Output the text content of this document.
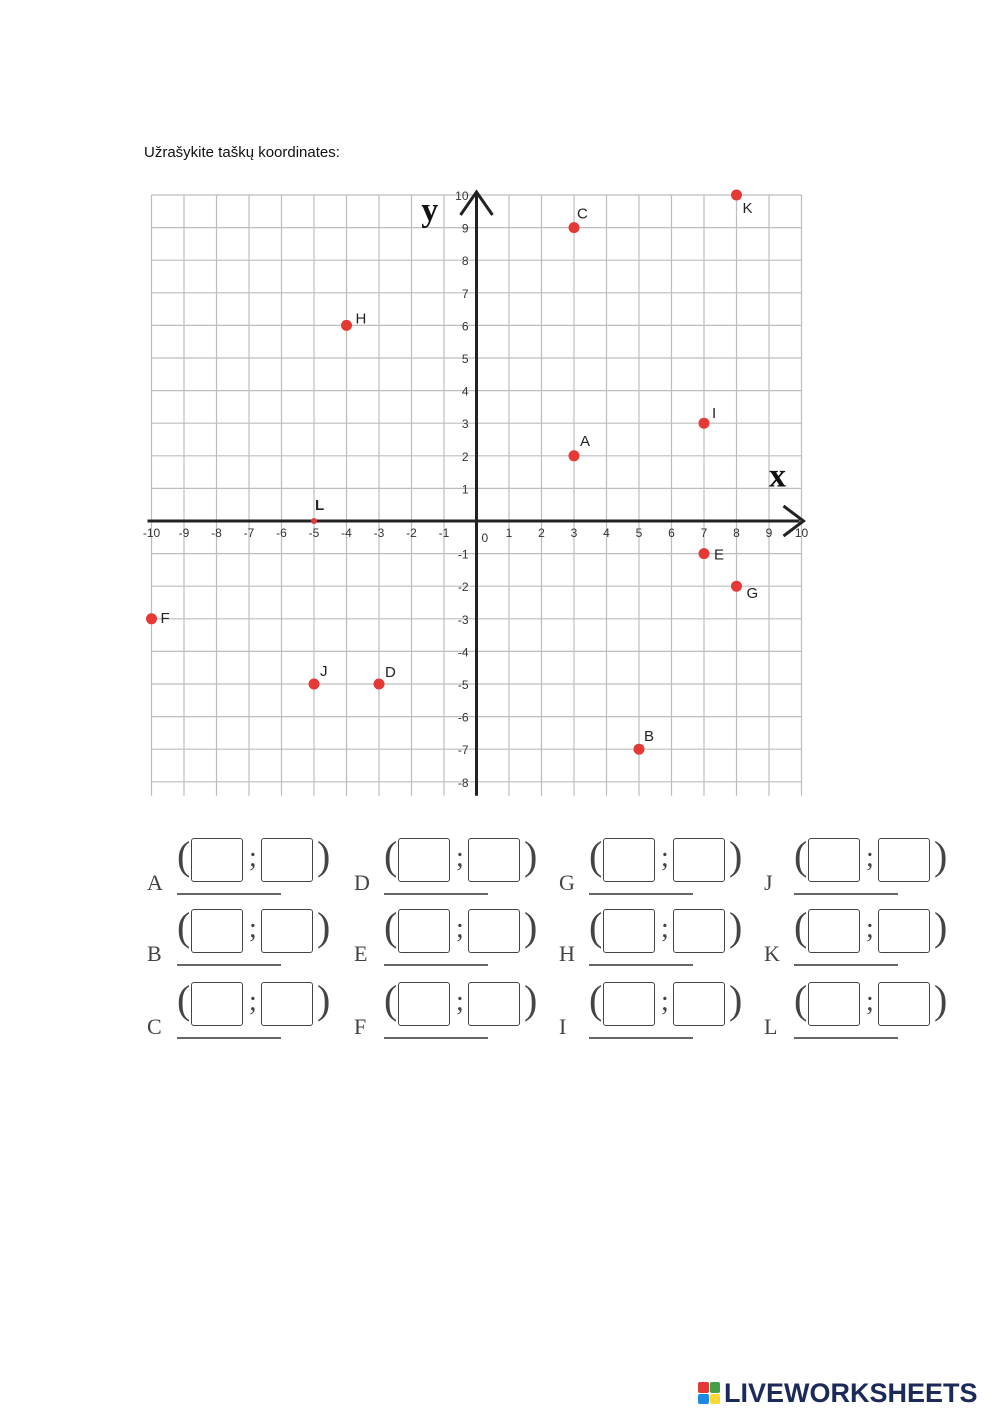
Užrašykite taškų koordinates:
x
y
-10 -9 -8 -7 -6 -5 -4 -3 -2 -1	1 2 3 4 5 6 7 8 9 10
10
9
8
7
6
5
4
3
2
1
-1
-2
-3
-4
-5
-6
-7
-8
0
A
B
C
D
E
F
G
H
I
J
K
L
A
( ; )
B
( ; )
C
( ; )
D
( ; )
E
( ; )
F
( ; )
G
( ; )
H
( ; )
I
( ; )
J
( ; )
K
( ; )
L
( ; )
LIVEWORKSHEETS
